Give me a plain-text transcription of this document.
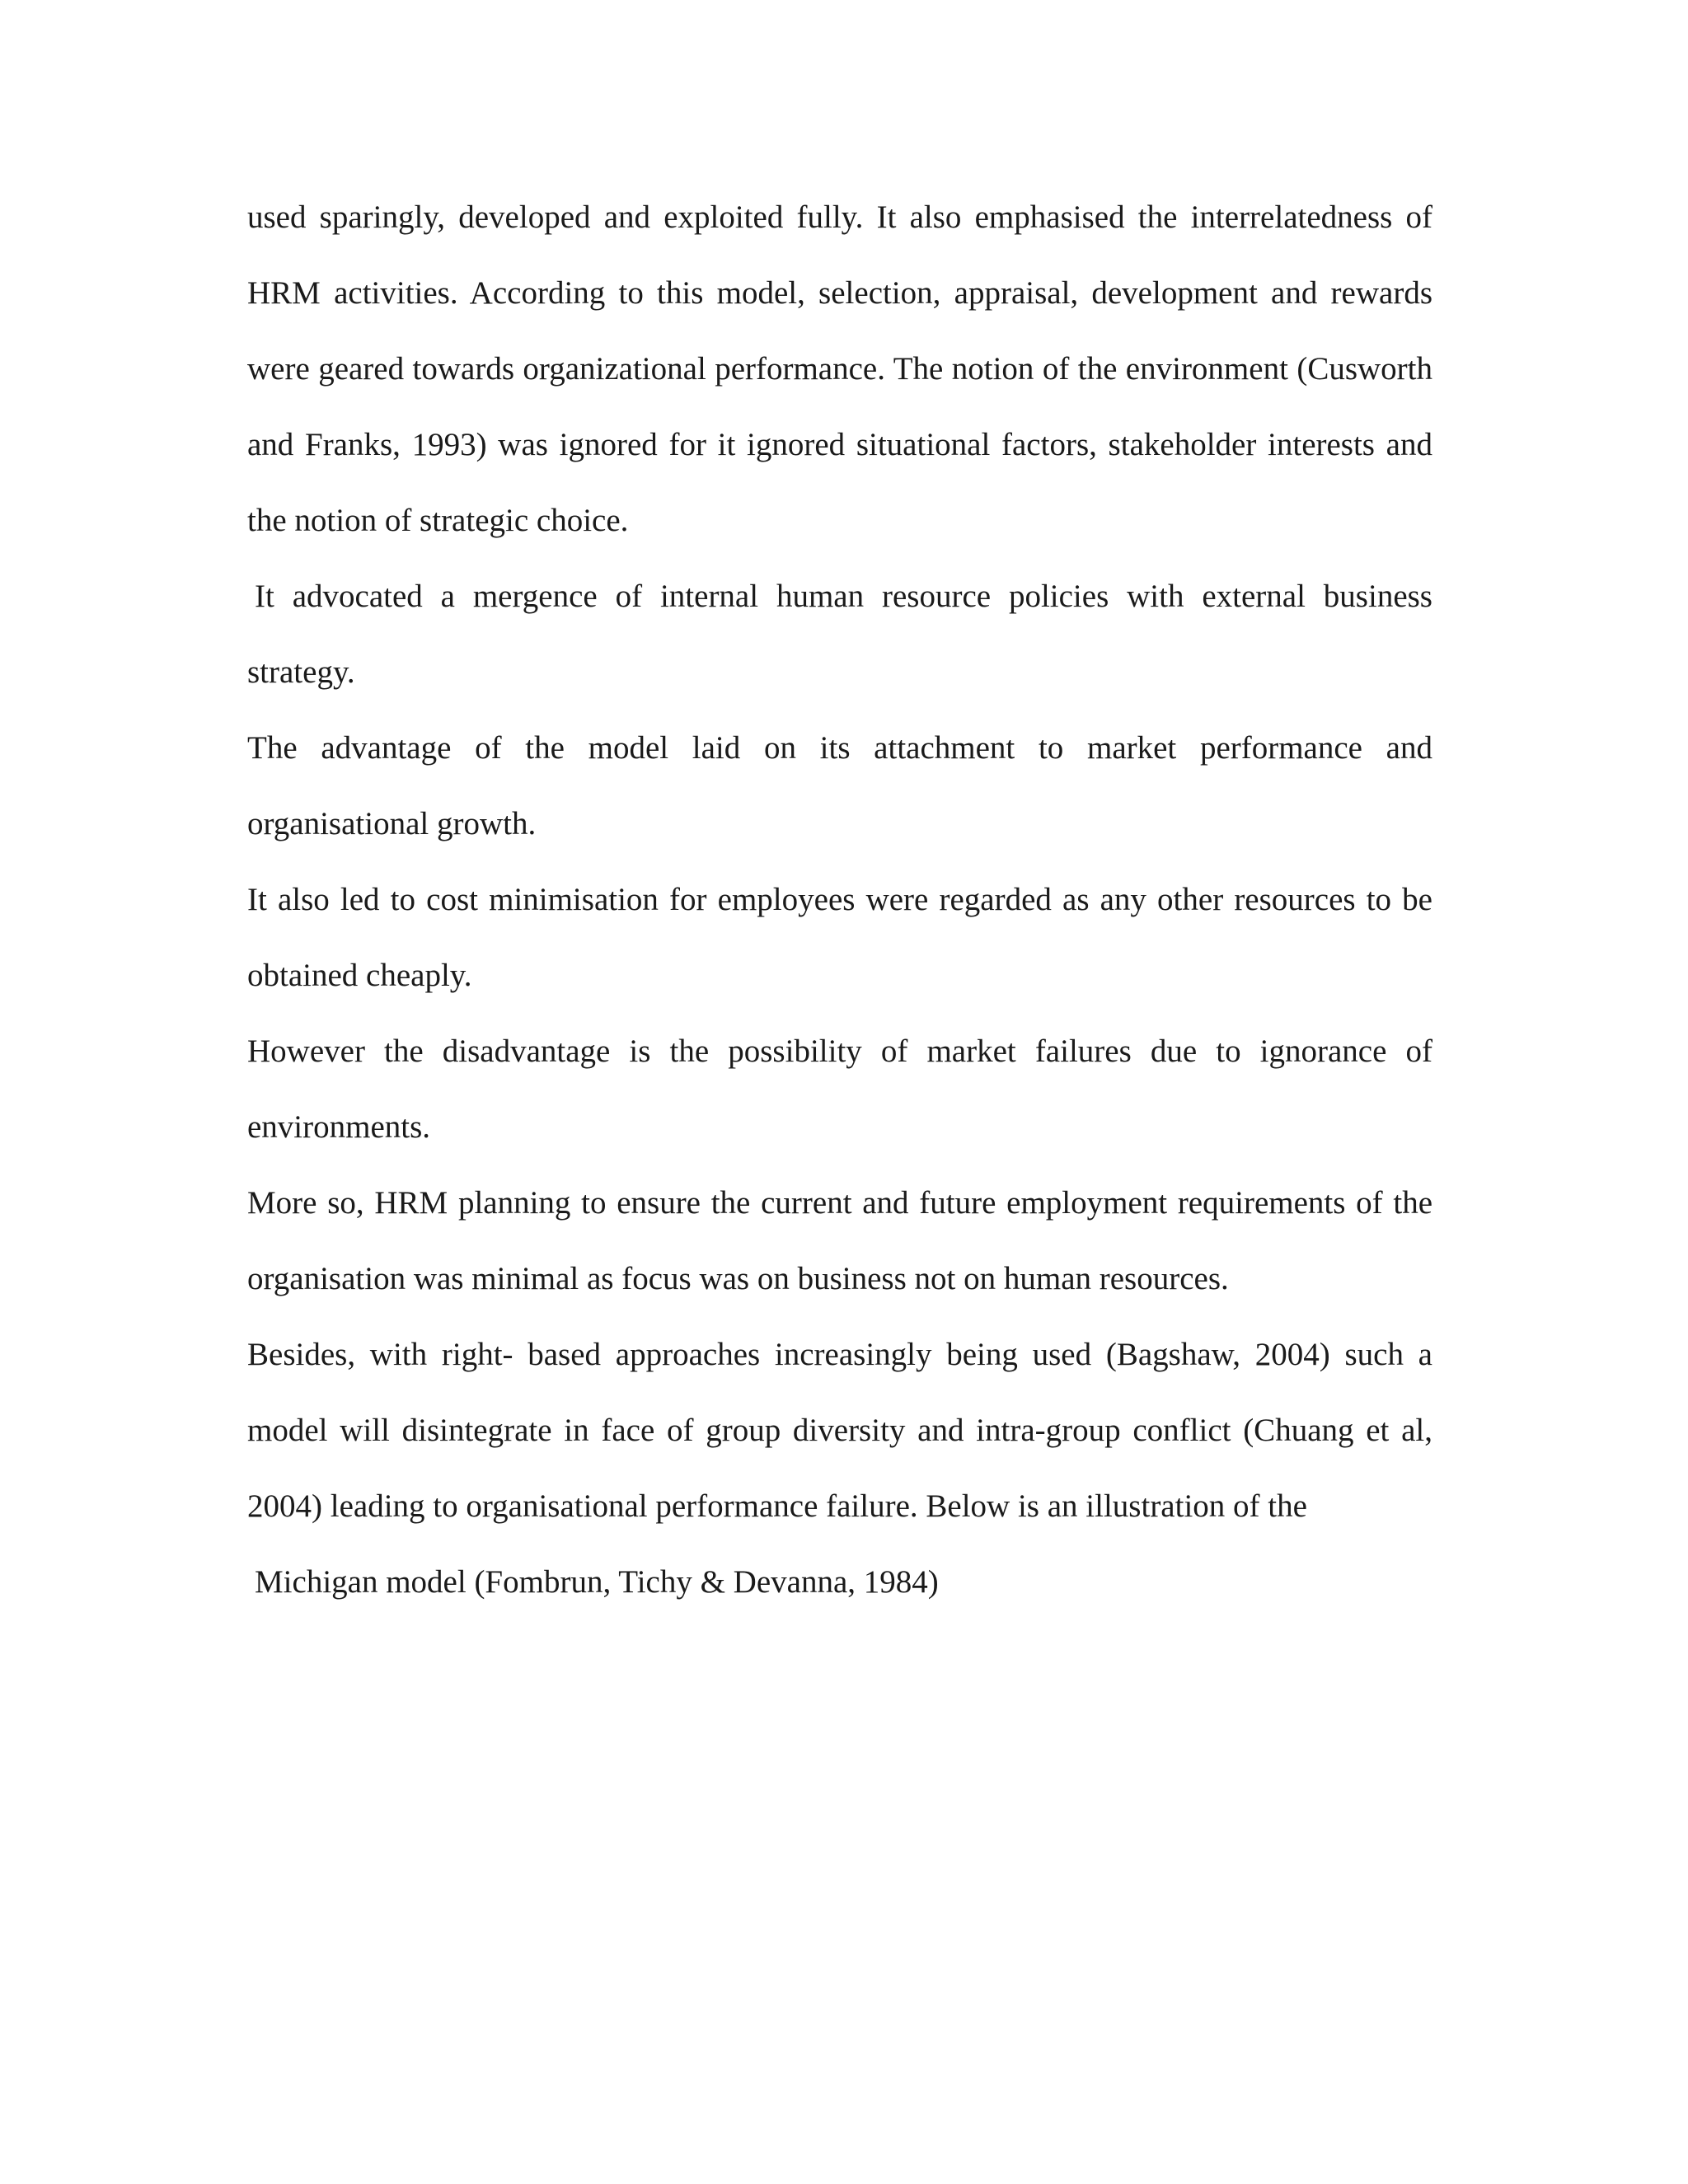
used sparingly, developed and exploited fully. It also emphasised the interrelatedness of HRM activities. According to this model, selection, appraisal, development and rewards were geared towards organizational performance. The notion of the environment (Cusworth and Franks, 1993) was ignored for it ignored situational factors, stakeholder interests and the notion of strategic choice.

It advocated a mergence of internal human resource policies with external business strategy.

The advantage of the model laid on its attachment to market performance and organisational growth.

It also led to cost minimisation for employees were regarded as any other resources to be obtained cheaply.

However the disadvantage is the possibility of market failures due to ignorance of environments.

More so, HRM planning to ensure the current and future employment requirements of the organisation was minimal as focus was on business not on human resources.

Besides, with right- based approaches increasingly being used (Bagshaw, 2004) such a model will disintegrate in face of group diversity and intra-group conflict (Chuang et al, 2004) leading to organisational performance failure. Below is an illustration of the

Michigan model (Fombrun, Tichy & Devanna, 1984)
